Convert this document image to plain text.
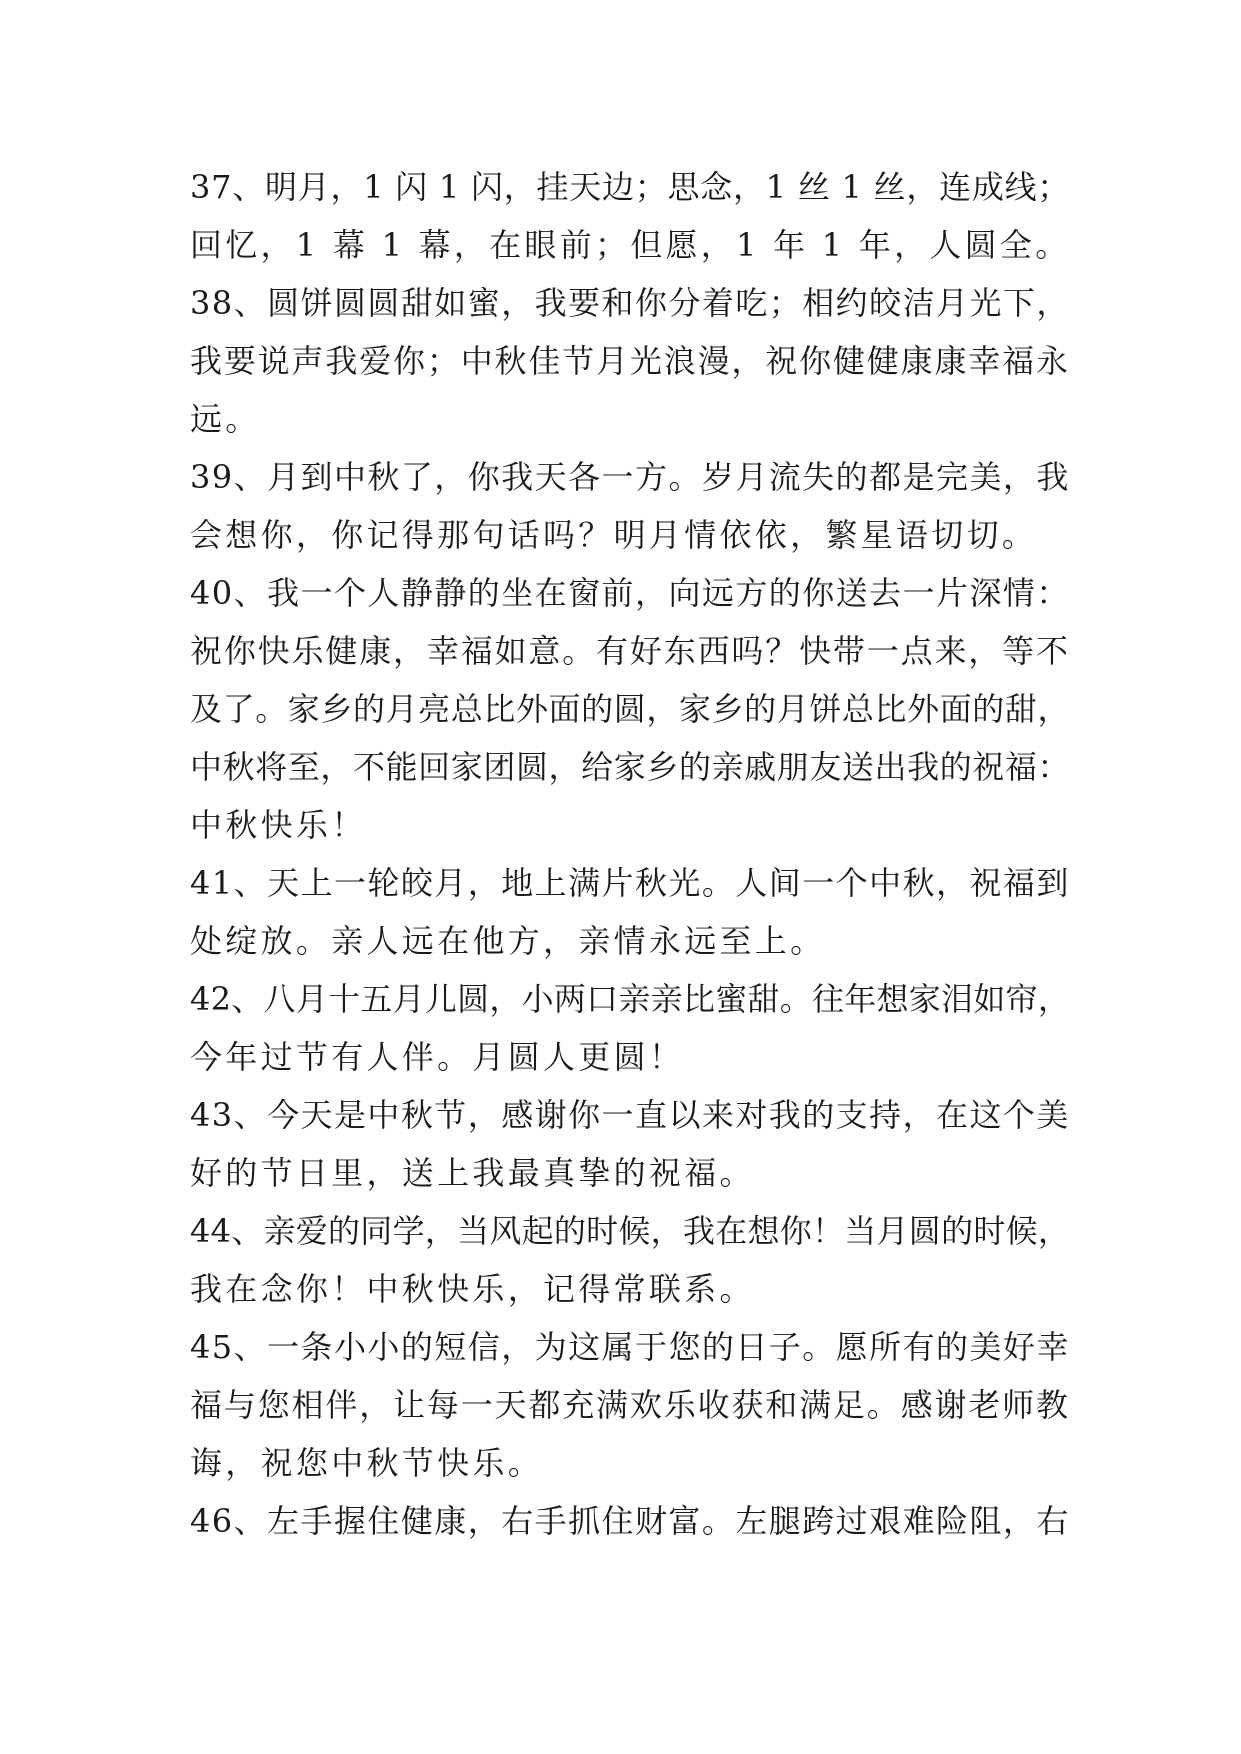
37、明月，1 闪 1 闪，挂天边；思念，1 丝 1 丝，连成线；
回忆，1 幕 1 幕，在眼前；但愿，1 年 1 年，人圆全。
38、圆饼圆圆甜如蜜，我要和你分着吃；相约皎洁月光下，
我要说声我爱你；中秋佳节月光浪漫，祝你健健康康幸福永
远。
39、月到中秋了，你我天各一方。岁月流失的都是完美，我
会想你，你记得那句话吗？明月情依依，繁星语切切。
40、我一个人静静的坐在窗前，向远方的你送去一片深情：
祝你快乐健康，幸福如意。有好东西吗？快带一点来，等不
及了。家乡的月亮总比外面的圆，家乡的月饼总比外面的甜，
中秋将至，不能回家团圆，给家乡的亲戚朋友送出我的祝福：
中秋快乐！
41、天上一轮皎月，地上满片秋光。人间一个中秋，祝福到
处绽放。亲人远在他方，亲情永远至上。
42、八月十五月儿圆，小两口亲亲比蜜甜。往年想家泪如帘，
今年过节有人伴。月圆人更圆！
43、今天是中秋节，感谢你一直以来对我的支持，在这个美
好的节日里，送上我最真挚的祝福。
44、亲爱的同学，当风起的时候，我在想你！当月圆的时候，
我在念你！中秋快乐，记得常联系。
45、一条小小的短信，为这属于您的日子。愿所有的美好幸
福与您相伴，让每一天都充满欢乐收获和满足。感谢老师教
诲，祝您中秋节快乐。
46、左手握住健康，右手抓住财富。左腿跨过艰难险阻，右
